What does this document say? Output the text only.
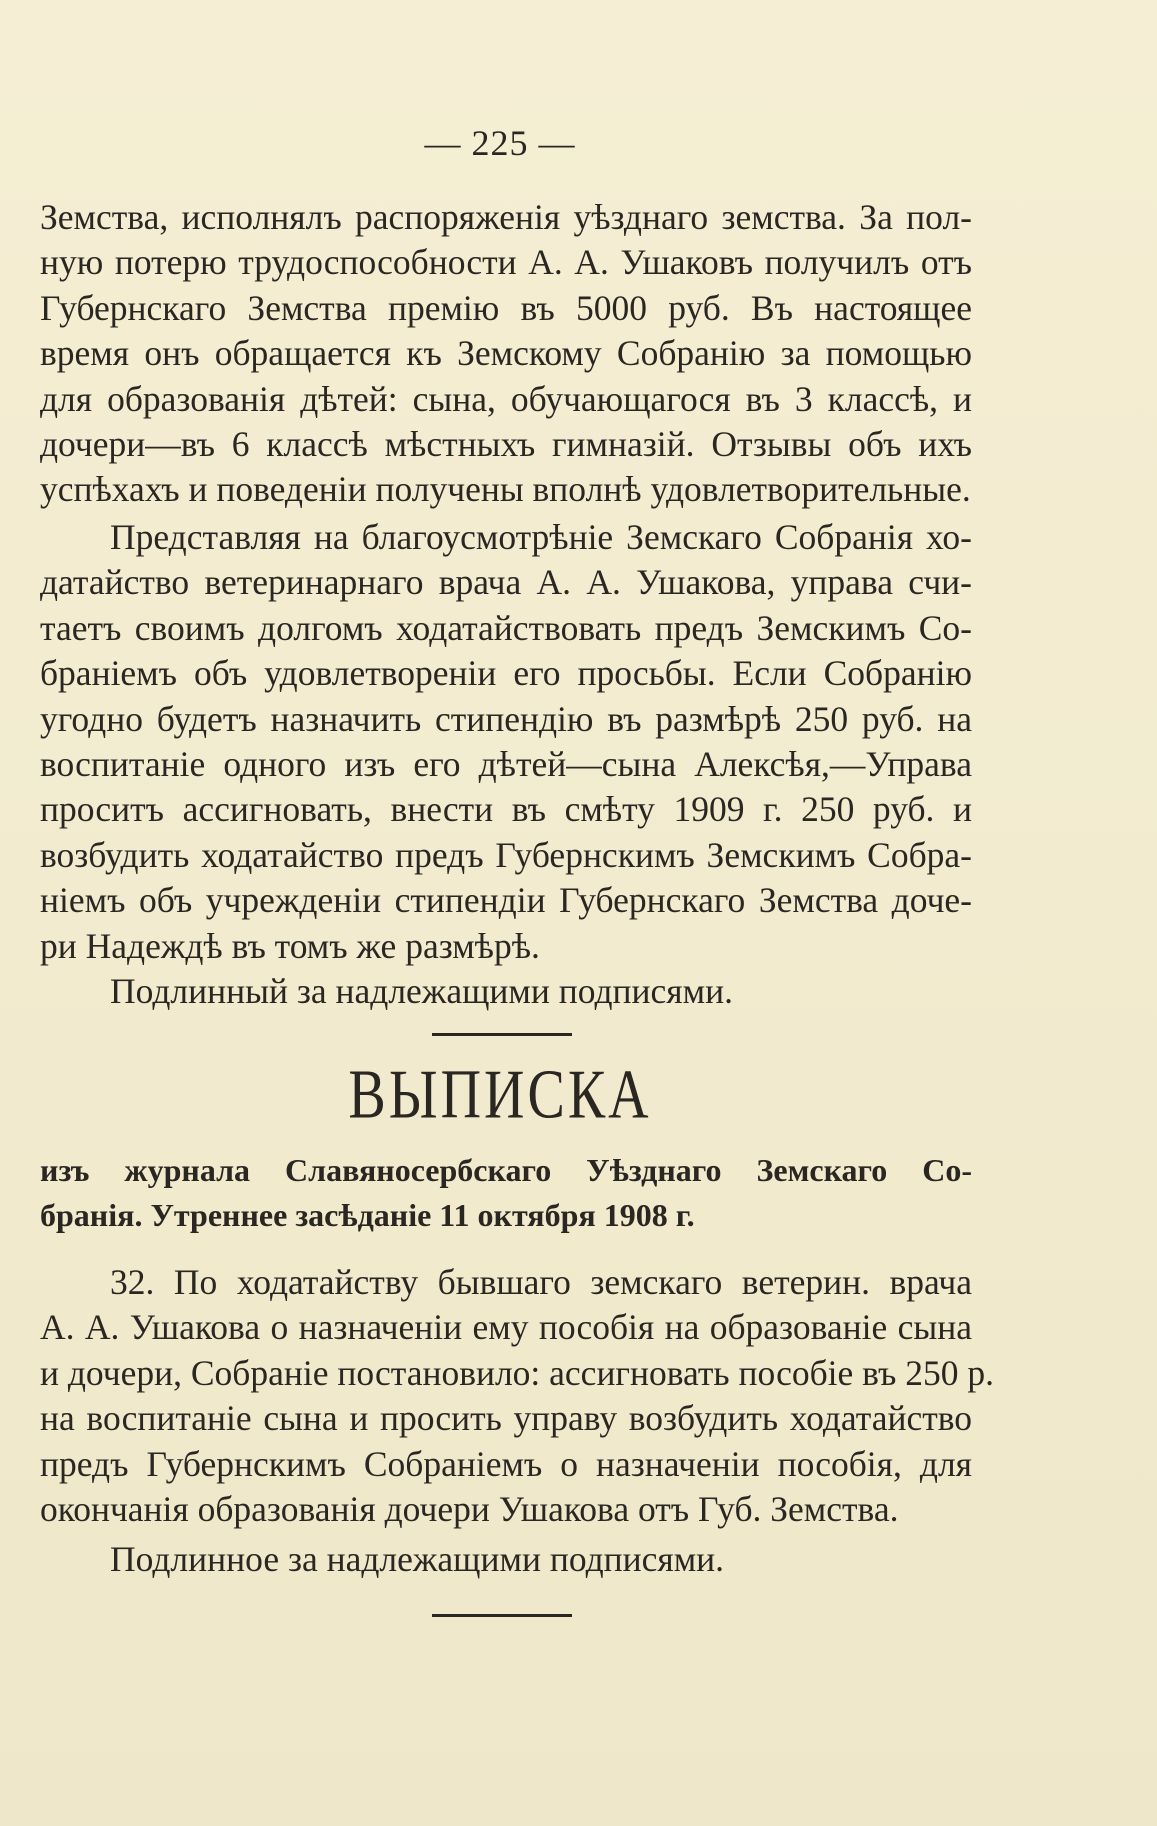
— 225 —
Земства, исполнялъ распоряженія уѣзднаго земства. За пол-
ную потерю трудоспособности А. А. Ушаковъ получилъ отъ
Губернскаго Земства премію въ 5000 руб. Въ настоящее
время онъ обращается къ Земскому Собранію за помощью
для образованія дѣтей: сына, обучающагося въ 3 классѣ, и
дочери—въ 6 классѣ мѣстныхъ гимназій. Отзывы объ ихъ
успѣхахъ и поведеніи получены вполнѣ удовлетворительные.
Представляя на благоусмотрѣніе Земскаго Собранія хо-
датайство ветеринарнаго врача А. А. Ушакова, управа счи-
таетъ своимъ долгомъ ходатайствовать предъ Земскимъ Со-
браніемъ объ удовлетвореніи его просьбы. Если Собранію
угодно будетъ назначить стипендію въ размѣрѣ 250 руб. на
воспитаніе одного изъ его дѣтей—сына Алексѣя,—Управа
проситъ ассигновать, внести въ смѣту 1909 г. 250 руб. и
возбудить ходатайство предъ Губернскимъ Земскимъ Собра-
ніемъ объ учрежденіи стипендіи Губернскаго Земства доче-
ри Надеждѣ въ томъ же размѣрѣ.
Подлинный за надлежащими подписями.
ВЫПИСКА
изъ журнала Славяносербскаго Уѣзднаго Земскаго Со-
бранія. Утреннее засѣданіе 11 октября 1908 г.
32. По ходатайству бывшаго земскаго ветерин. врача
А. А. Ушакова о назначеніи ему пособія на образованіе сына
и дочери, Собраніе постановило: ассигновать пособіе въ 250 р.
на воспитаніе сына и просить управу возбудить ходатайство
предъ Губернскимъ Собраніемъ о назначеніи пособія, для
окончанія образованія дочери Ушакова отъ Губ. Земства.
Подлинное за надлежащими подписями.
